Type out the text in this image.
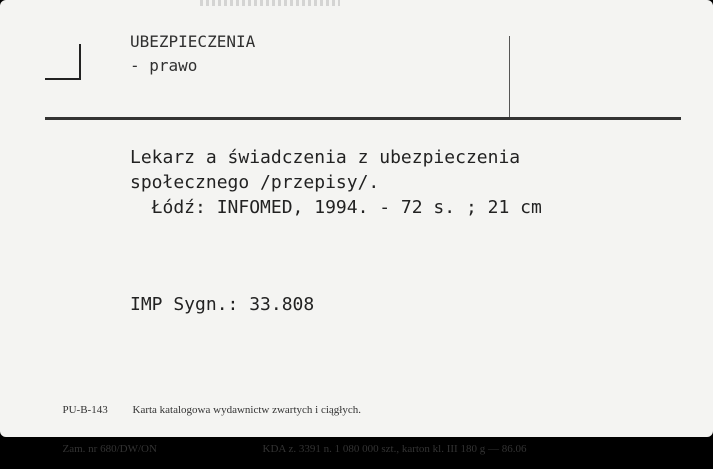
UBEZPIECZENIA
- prawo
Lekarz a świadczenia z ubezpieczenia
społecznego /przepisy/.
Łódź: INFOMED, 1994. - 72 s. ; 21 cm
IMP Sygn.: 33.808

PU-B-143 Karta katalogowa wydawnictw zwartych i ciągłych.

Zam. nr 680/DW/ON	KDA z. 3391 n. 1 080 000 szt., karton kl. III 180 g — 86.06
